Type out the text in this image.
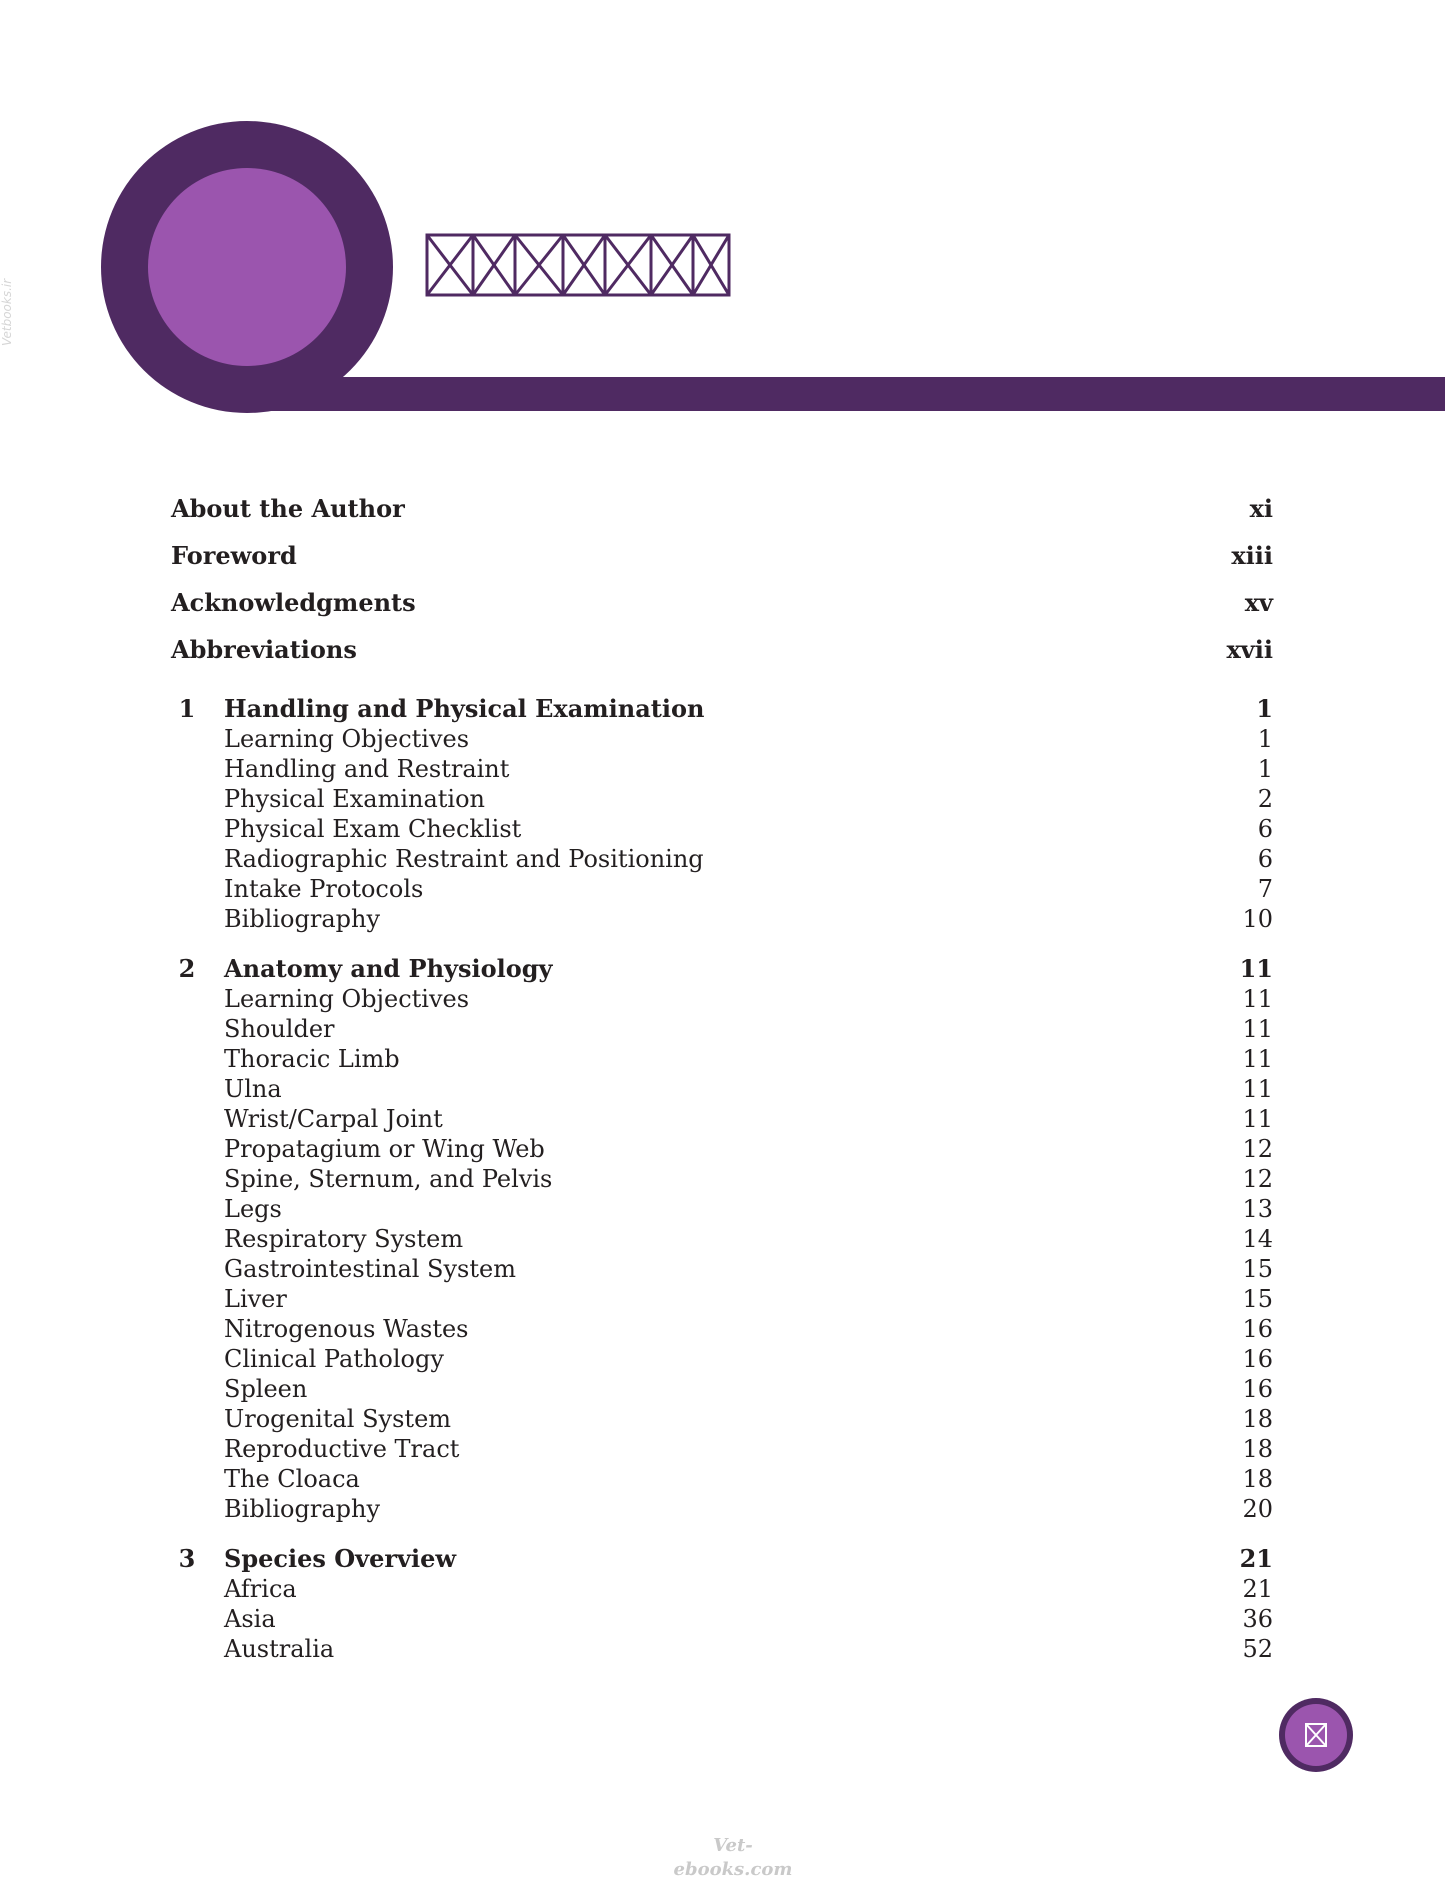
Vetbooks.ir
About the Author	xi
Foreword	xiii
Acknowledgments	xv
Abbreviations	xvii
1	Handling and Physical Examination	1
Learning Objectives	1
Handling and Restraint	1
Physical Examination	2
Physical Exam Checklist	6
Radiographic Restraint and Positioning	6
Intake Protocols	7
Bibliography	10
2	Anatomy and Physiology	11
Learning Objectives	11
Shoulder	11
Thoracic Limb	11
Ulna	11
Wrist/Carpal Joint	11
Propatagium or Wing Web	12
Spine, Sternum, and Pelvis	12
Legs	13
Respiratory System	14
Gastrointestinal System	15
Liver	15
Nitrogenous Wastes	16
Clinical Pathology	16
Spleen	16
Urogenital System	18
Reproductive Tract	18
The Cloaca	18
Bibliography	20
3	Species Overview	21
Africa	21
Asia	36
Australia	52
Vet-ebooks.com
